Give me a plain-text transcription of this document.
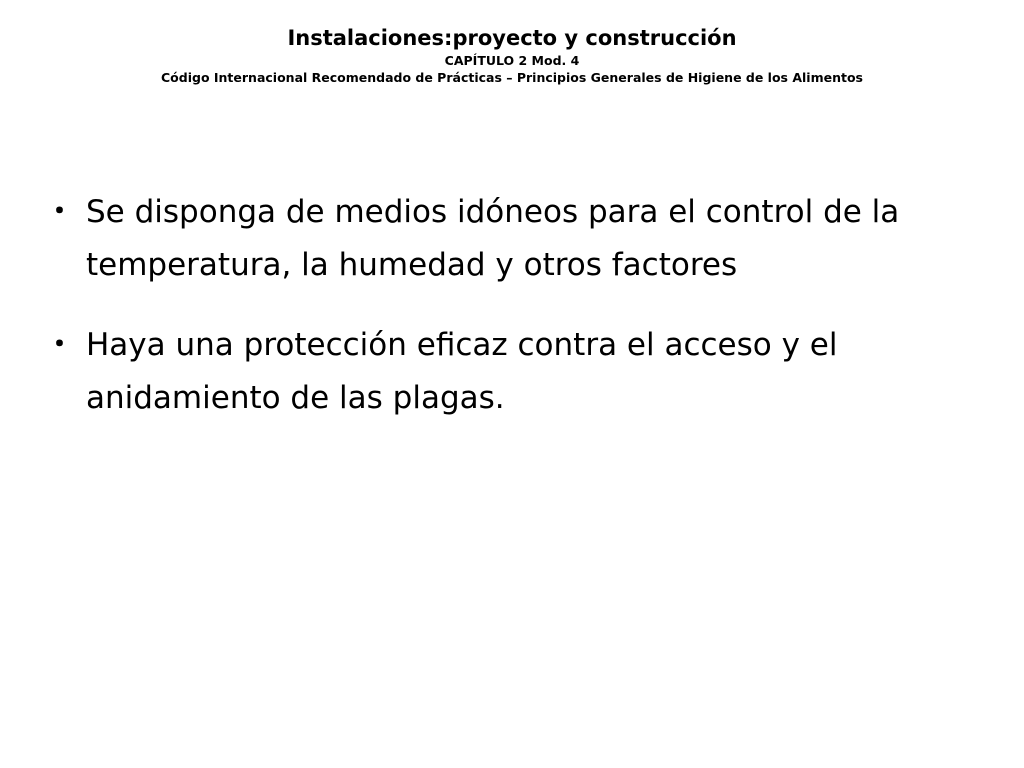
Instalaciones:proyecto y construcción

CAPÍTULO 2 Mod. 4

Código Internacional Recomendado de Prácticas – Principios Generales de Higiene de los Alimentos

・ Se disponga de medios idóneos para el control de la temperatura, la humedad y otros factores
・ Haya una protección eficaz contra el acceso y el anidamiento de las plagas.
